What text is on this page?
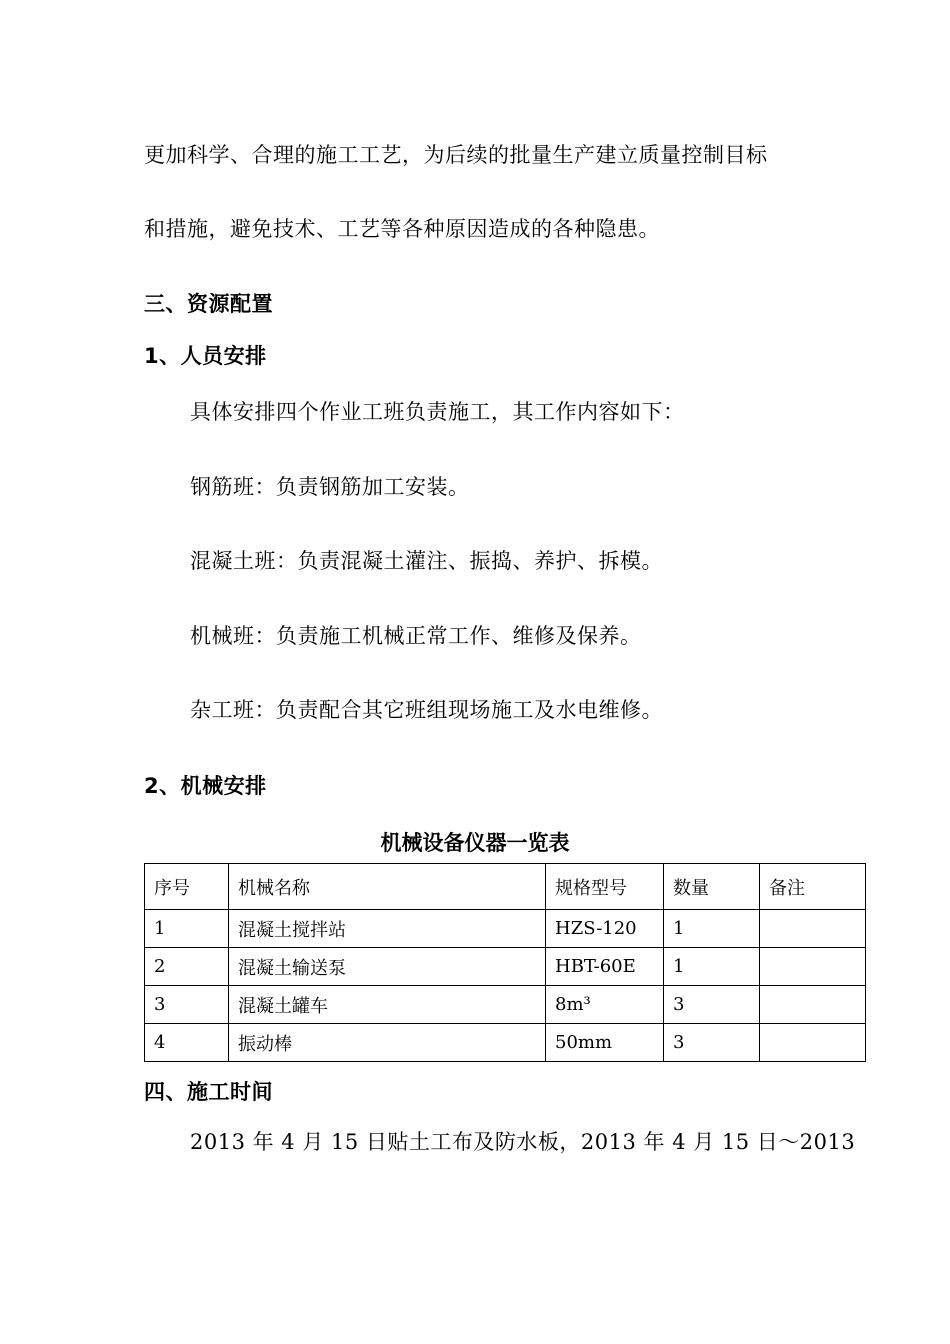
更加科学、合理的施工工艺，为后续的批量生产建立质量控制目标
和措施，避免技术、工艺等各种原因造成的各种隐患。
三、资源配置
1、人员安排
具体安排四个作业工班负责施工，其工作内容如下：
钢筋班：负责钢筋加工安装。
混凝土班：负责混凝土灌注、振捣、养护、拆模。
机械班：负责施工机械正常工作、维修及保养。
杂工班：负责配合其它班组现场施工及水电维修。
2、机械安排
机械设备仪器一览表
序号	机械名称	规格型号	数量	备注
1	混凝土搅拌站	HZS-120	1	
2	混凝土输送泵	HBT-60E	1	
3	混凝土罐车	8m³	3	
4	振动棒	50mm	3	
四、施工时间
2013 年 4 月 15 日贴土工布及防水板，2013 年 4 月 15 日～2013
